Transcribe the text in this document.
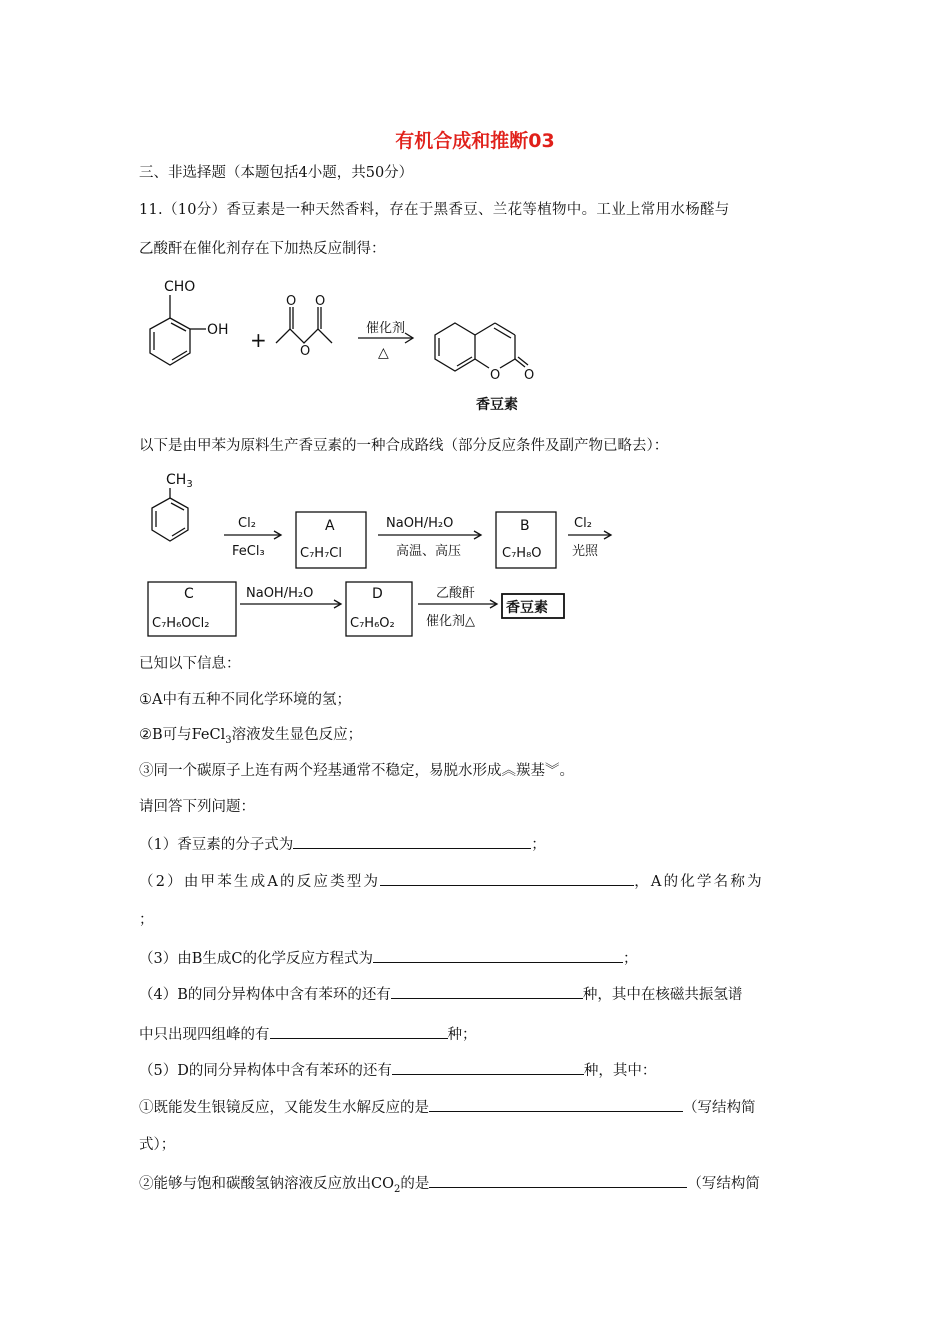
有机合成和推断03
三、非选择题（本题包括4小题，共50分）
11.（10分）香豆素是一种天然香料，存在于黑香豆、兰花等植物中。工业上常用水杨醛与
乙酸酐在催化剂存在下加热反应制得：
CHO
OH +
O O
O
催化剂
△
O O
香豆素
以下是由甲苯为原料生产香豆素的一种合成路线（部分反应条件及副产物已略去）：
$CH_3$
Cl₂
FeCl₃
A
C₇H₇Cl
NaOH/H₂O
高温、高压
B
C₇H₈O
Cl₂
光照
C
C₇H₆OCl₂
NaOH/H₂O	D
C₇H₆O₂
乙酸酐
催化剂△
香豆素
已知以下信息：
①A中有五种不同化学环境的氢；
②B可与FeCl$_3$溶液发生显色反应；
③同一个碳原子上连有两个羟基通常不稳定，易脱水形成︽羰基︾。
请回答下列问题：
（1）香豆素的分子式为	；
（2）由甲苯生成A的反应类型为	，A的化学名称为
；
（3）由B生成C的化学反应方程式为	；
（4）B的同分异构体中含有苯环的还有	种，其中在核磁共振氢谱
中只出现四组峰的有	种；
（5）D的同分异构体中含有苯环的还有	种，其中：
①既能发生银镜反应，又能发生水解反应的是	（写结构简
式）；
②能够与饱和碳酸氢钠溶液反应放出$CO_2$的是	（写结构简
